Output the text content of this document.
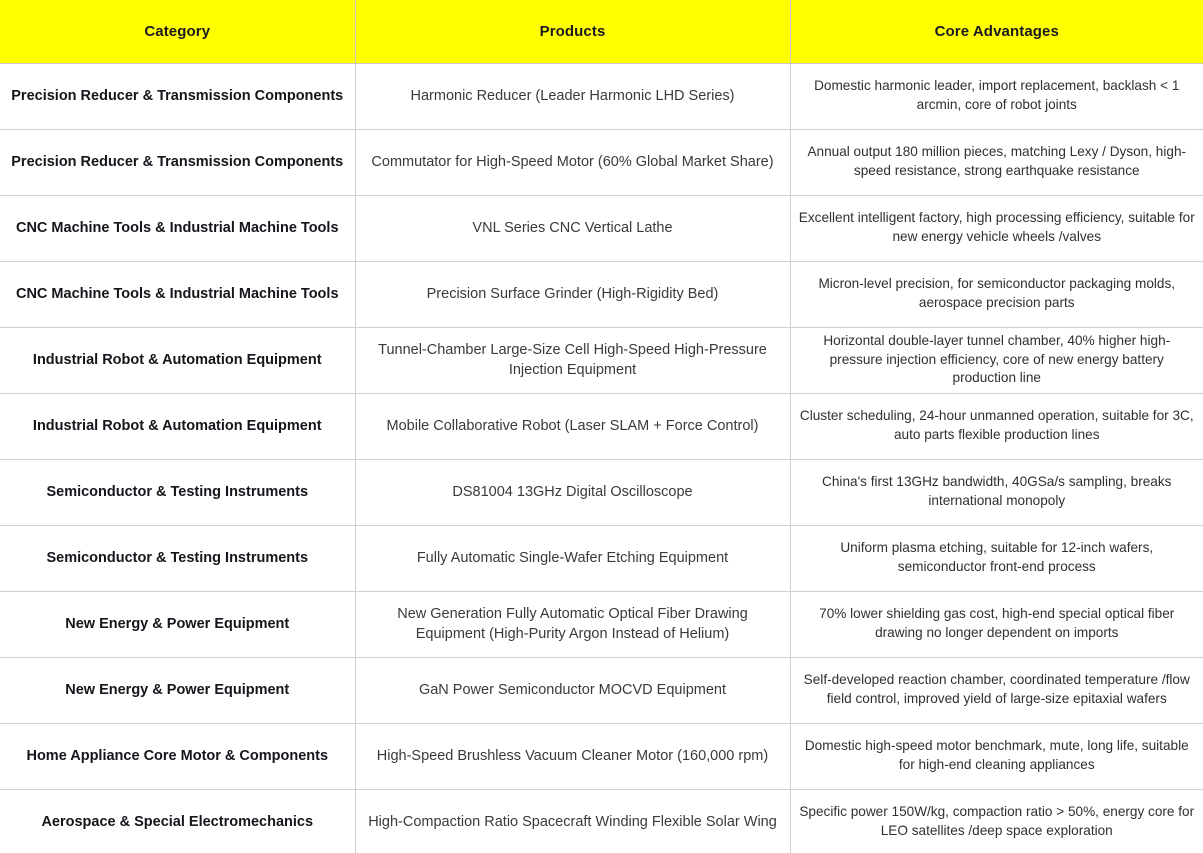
Category	Products	Core Advantages
Precision Reducer & Transmission Components	Harmonic Reducer (Leader Harmonic LHD Series)	Domestic harmonic leader, import replacement, backlash < 1 arcmin, core of robot joints
Precision Reducer & Transmission Components	Commutator for High-Speed Motor (60% Global Market Share)	Annual output 180 million pieces, matching Lexy / Dyson, high-speed resistance, strong earthquake resistance
CNC Machine Tools & Industrial Machine Tools	VNL Series CNC Vertical Lathe	Excellent intelligent factory, high processing efficiency, suitable for new energy vehicle wheels /valves
CNC Machine Tools & Industrial Machine Tools	Precision Surface Grinder (High-Rigidity Bed)	Micron-level precision, for semiconductor packaging molds, aerospace precision parts
Industrial Robot & Automation Equipment	Tunnel-Chamber Large-Size Cell High-Speed High-Pressure Injection Equipment	Horizontal double-layer tunnel chamber, 40% higher high-pressure injection efficiency, core of new energy battery production line
Industrial Robot & Automation Equipment	Mobile Collaborative Robot (Laser SLAM + Force Control)	Cluster scheduling, 24-hour unmanned operation, suitable for 3C, auto parts flexible production lines
Semiconductor & Testing Instruments	DS81004 13GHz Digital Oscilloscope	China's first 13GHz bandwidth, 40GSa/s sampling, breaks international monopoly
Semiconductor & Testing Instruments	Fully Automatic Single-Wafer Etching Equipment	Uniform plasma etching, suitable for 12-inch wafers, semiconductor front-end process
New Energy & Power Equipment	New Generation Fully Automatic Optical Fiber Drawing Equipment (High-Purity Argon Instead of Helium)	70% lower shielding gas cost, high-end special optical fiber drawing no longer dependent on imports
New Energy & Power Equipment	GaN Power Semiconductor MOCVD Equipment	Self-developed reaction chamber, coordinated temperature /flow field control, improved yield of large-size epitaxial wafers
Home Appliance Core Motor & Components	High-Speed Brushless Vacuum Cleaner Motor (160,000 rpm)	Domestic high-speed motor benchmark, mute, long life, suitable for high-end cleaning appliances
Aerospace & Special Electromechanics	High-Compaction Ratio Spacecraft Winding Flexible Solar Wing	Specific power 150W/kg, compaction ratio > 50%, energy core for LEO satellites /deep space exploration
